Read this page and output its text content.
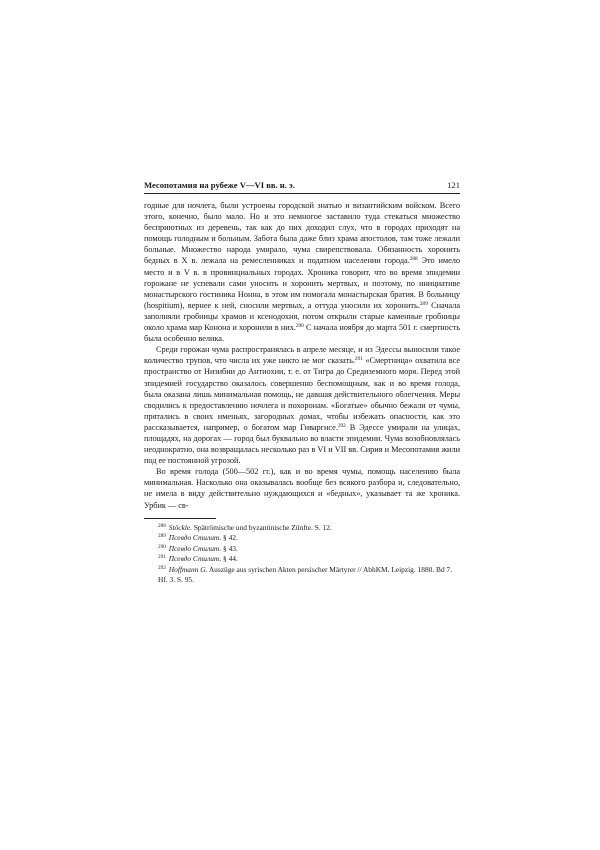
Месопотамия на рубеже V—VI вв. н. э.	121

годные для ночлега, были устроены городской знатью и византийским войском. Всего этого, конечно, было мало. Но и это немногое заставило туда стекаться множество бесприютных из деревень, так как до них доходил слух, что в городах приходят на помощь голодным и больным. Забота была даже близ храма апостолов, там тоже лежали больные. Множество народа умирало, чума свирепствовала. Обязанность хоронить бедных в X в. лежала на ремесленниках и податном населении города.$^{288}$ Это имело место и в V в. в провинциальных городах. Хроника говорит, что во время эпидемии горожане не успевали сами уносить и хоронить мертвых, и поэтому, по инициативе монастырского гостиника Нонна, в этом им помогала монастырская братия. В больницу (hospitium), вернее к ней, сносили мертвых, а оттуда уносили их хоронить.$^{289}$ Сначала заполняли гробницы храмов и ксенодохия, потом открыли старые каменные гробницы около храма мар Конона и хоронили в них.$^{290}$ С начала ноября до марта 501 г. смертность была особенно велика.

Среди горожан чума распространялась в апреле месяце, и из Эдессы выносили такое количество трупов, что числа их уже никто не мог сказать.$^{291}$ «Смертница» охватила все пространство от Низибии до Антиохии, т. е. от Тигра до Средиземного моря. Перед этой эпидемией государство оказалось совершенно беспомощным, как и во время голода, была оказана лишь минимальная помощь, не давшая действительного облегчения. Меры сводились к предоставлению ночлега и похоронам. «Богатые» обычно бежали от чумы, прятались в своих именьях, загородных домах, чтобы избежать опасности, как это рассказывается, например, о богатом мар Гиваргисе.$^{292}$ В Эдессе умирали на улицах, площадях, на дорогах — город был буквально во власти эпидемии. Чума возобновлялась неоднократно, она возвращалась несколько раз в VI и VII вв. Сирия и Месопотамия жили под ее постоянной угрозой.

Во время голода (500—502 гг.), как и во время чумы, помощь населению была минимальная. Насколько она оказывалась вообще без всякого разбора и, следовательно, не имела в виду действительно нуждающихся и «бедных», указывает та же хроника. Урбик — св-

$^{288}$ Stöckle. Spätrömische und byzantinische Zünfte. S. 12.
$^{289}$ Псевдо Стилит. § 42.
$^{290}$ Псевдо Стилит. § 43.
$^{291}$ Псевдо Стилит. § 44.
$^{292}$ Hoffmann G. Auszüge aus syrischen Akten persischer Märtyrer // AbhKM. Leipzig. 1880. Bd 7. Hf. 3. S. 95.
